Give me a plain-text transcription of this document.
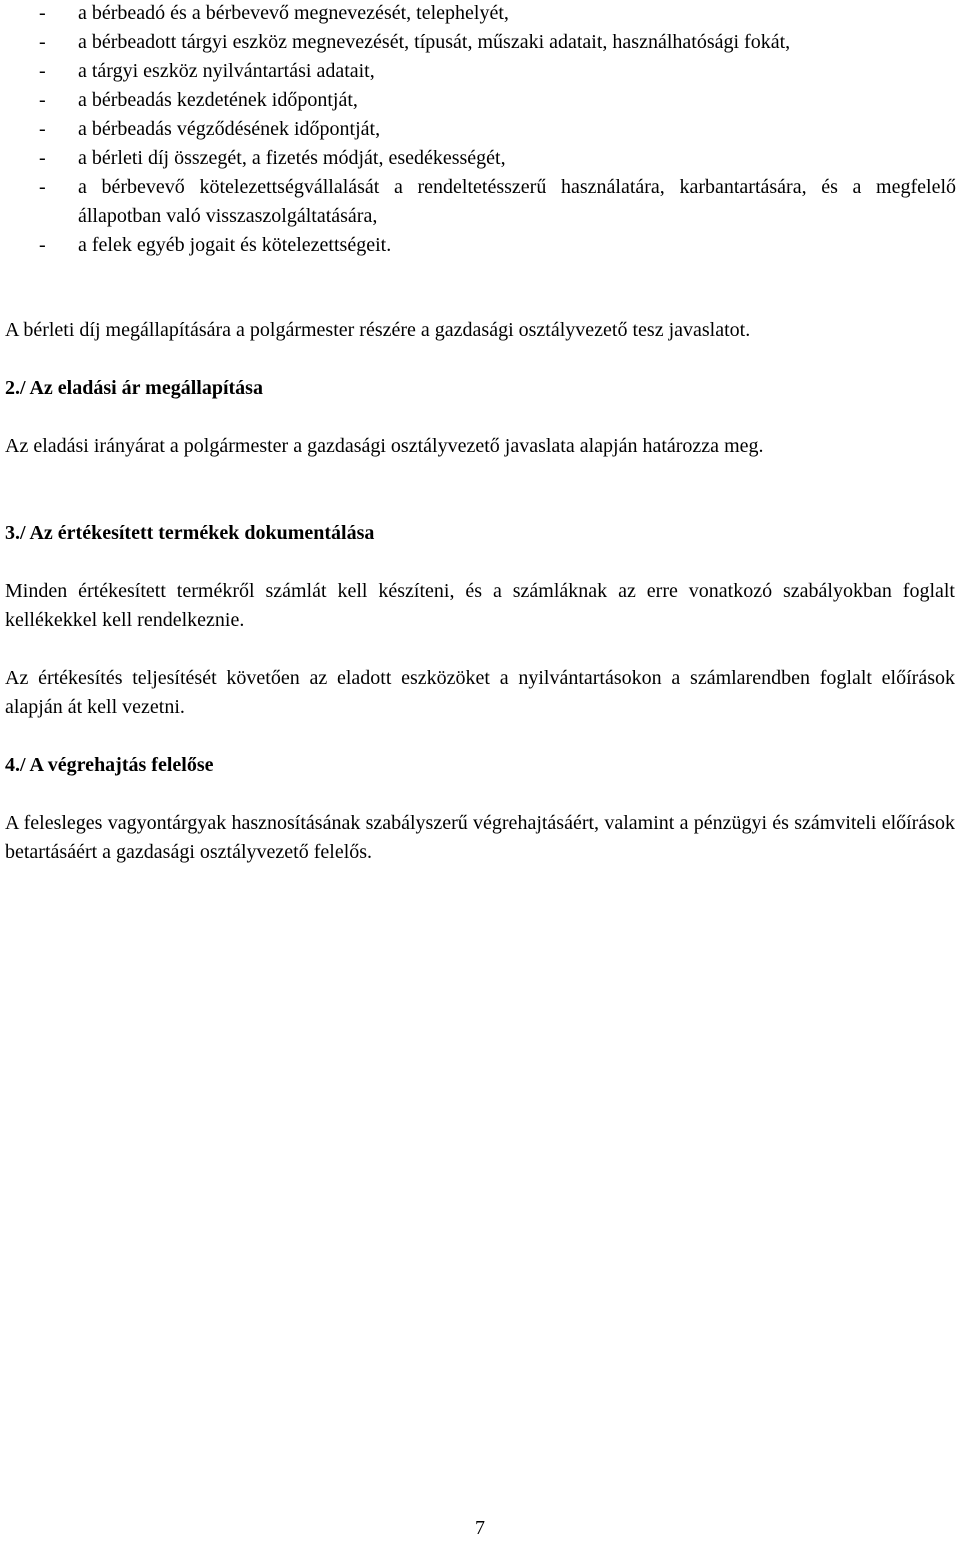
- a bérbeadó és a bérbevevő megnevezését, telephelyét,
- a bérbeadott tárgyi eszköz megnevezését, típusát, műszaki adatait, használhatósági fokát,
- a tárgyi eszköz nyilvántartási adatait,
- a bérbeadás kezdetének időpontját,
- a bérbeadás végződésének időpontját,
- a bérleti díj összegét, a fizetés módját, esedékességét,
- a bérbevevő kötelezettségvállalását a rendeltetésszerű használatára, karbantartására, és a megfelelő állapotban való visszaszolgáltatására,
- a felek egyéb jogait és kötelezettségeit.

A bérleti díj megállapítására a polgármester részére a gazdasági osztályvezető tesz javaslatot.

2./ Az eladási ár megállapítása

Az eladási irányárat a polgármester a gazdasági osztályvezető javaslata alapján határozza meg.

3./ Az értékesített termékek dokumentálása

Minden értékesített termékről számlát kell készíteni, és a számláknak az erre vonatkozó szabályokban foglalt kellékekkel kell rendelkeznie.

Az értékesítés teljesítését követően az eladott eszközöket a nyilvántartásokon a számlarendben foglalt előírások alapján át kell vezetni.

4./ A végrehajtás felelőse

A felesleges vagyontárgyak hasznosításának szabályszerű végrehajtásáért, valamint a pénzügyi és számviteli előírások betartásáért a gazdasági osztályvezető felelős.

7
